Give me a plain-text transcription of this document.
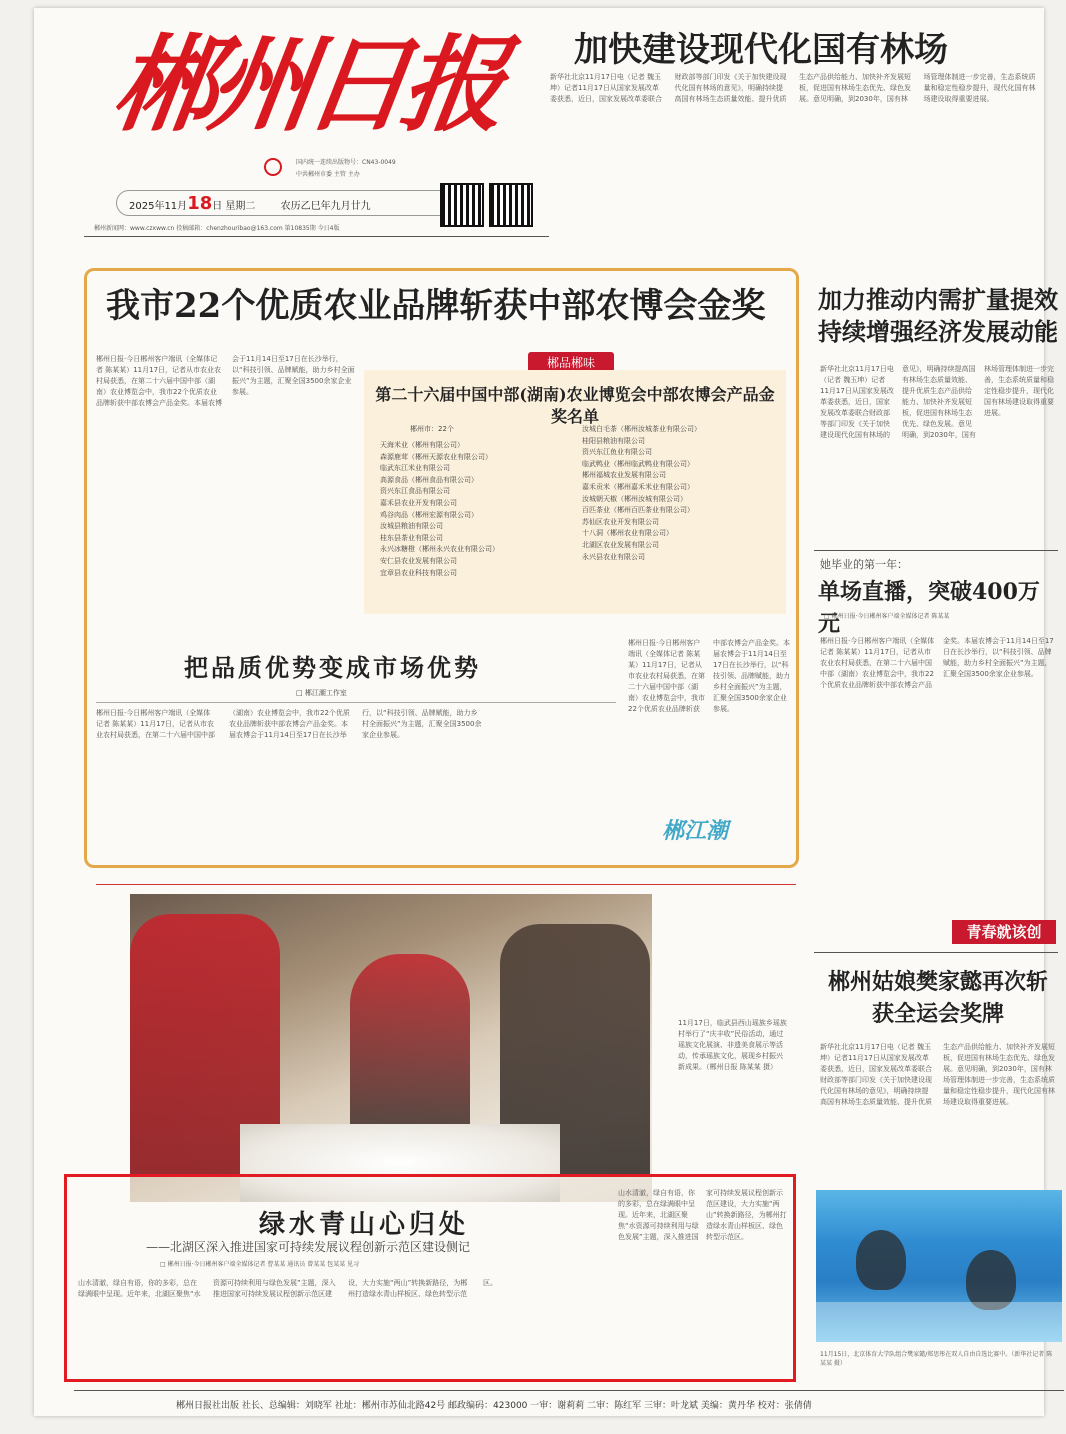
郴州日报
国内统一连续出版物号：CN43-0049
中共郴州市委 主管 主办
2025年11月18日 星期二	农历乙巳年九月廿九
郴州新闻网：www.czxww.cn 投稿邮箱：chenzhouribao@163.com 第10835期 今日4版
加快建设现代化国有林场
新华社北京11月17日电（记者 魏玉坤）记者11月17日从国家发展改革委获悉，近日，国家发展改革委联合财政部等部门印发《关于加快建设现代化国有林场的意见》，明确持续提高国有林场生态质量效能、提升优质生态产品供给能力、加快补齐发展短板，促进国有林场生态优先、绿色发展。意见明确，到2030年，国有林场管理体制进一步完善，生态系统质量和稳定性稳步提升，现代化国有林场建设取得重要进展。
我市22个优质农业品牌斩获中部农博会金奖
郴州日报·今日郴州客户端讯（全媒体记者 陈某某）11月17日，记者从市农业农村局获悉，在第二十六届中国中部（湖南）农业博览会中，我市22个优质农业品牌斩获中部农博会产品金奖。本届农博会于11月14日至17日在长沙举行，以“科技引领、品牌赋能，助力乡村全面振兴”为主题，汇聚全国3500余家企业参展。
郴品郴味
第二十六届中国中部(湖南)农业博览会中部农博会产品金奖名单
郴州市：22个
天海米业（郴州有限公司）
森源鹿茸（郴州天源农业有限公司）
临武东江米业有限公司
高源食品（郴州食品有限公司）
资兴东江食品有限公司
嘉禾县农业开发有限公司
鸡谷肉品（郴州宏源有限公司）
汝城县粮油有限公司
桂东县茶业有限公司
永兴冰糖橙（郴州永兴农业有限公司）
安仁县农业发展有限公司
宜章县农业科技有限公司
汝城白毛茶（郴州汝城茶业有限公司）
桂阳县粮油有限公司
资兴东江鱼业有限公司
临武鸭业（郴州临武鸭业有限公司）
郴州福城农业发展有限公司
嘉禾贡米（郴州嘉禾米业有限公司）
汝城朝天椒（郴州汝城有限公司）
百匹茶业（郴州百匹茶业有限公司）
苏仙区农业开发有限公司
十八洞（郴州农业有限公司）
北湖区农业发展有限公司
永兴县农业有限公司
把品质优势变成市场优势
□ 郴江潮工作室
郴州日报·今日郴州客户端讯（全媒体记者 陈某某）11月17日，记者从市农业农村局获悉，在第二十六届中国中部（湖南）农业博览会中，我市22个优质农业品牌斩获中部农博会产品金奖。本届农博会于11月14日至17日在长沙举行，以“科技引领、品牌赋能，助力乡村全面振兴”为主题，汇聚全国3500余家企业参展。
郴州日报·今日郴州客户端讯（全媒体记者 陈某某）11月17日，记者从市农业农村局获悉，在第二十六届中国中部（湖南）农业博览会中，我市22个优质农业品牌斩获中部农博会产品金奖。本届农博会于11月14日至17日在长沙举行，以“科技引领、品牌赋能，助力乡村全面振兴”为主题，汇聚全国3500余家企业参展。
郴江潮
加力推动内需扩量提效 持续增强经济发展动能
新华社北京11月17日电（记者 魏玉坤）记者11月17日从国家发展改革委获悉，近日，国家发展改革委联合财政部等部门印发《关于加快建设现代化国有林场的意见》，明确持续提高国有林场生态质量效能、提升优质生态产品供给能力、加快补齐发展短板，促进国有林场生态优先、绿色发展。意见明确，到2030年，国有林场管理体制进一步完善，生态系统质量和稳定性稳步提升，现代化国有林场建设取得重要进展。
她毕业的第一年：
单场直播，突破400万元
□ 郴州日报·今日郴州客户端全媒体记者 陈某某
郴州日报·今日郴州客户端讯（全媒体记者 陈某某）11月17日，记者从市农业农村局获悉，在第二十六届中国中部（湖南）农业博览会中，我市22个优质农业品牌斩获中部农博会产品金奖。本届农博会于11月14日至17日在长沙举行，以“科技引领、品牌赋能，助力乡村全面振兴”为主题，汇聚全国3500余家企业参展。
青春就该创
郴州姑娘樊家懿再次斩获全运会奖牌
新华社北京11月17日电（记者 魏玉坤）记者11月17日从国家发展改革委获悉，近日，国家发展改革委联合财政部等部门印发《关于加快建设现代化国有林场的意见》，明确持续提高国有林场生态质量效能、提升优质生态产品供给能力、加快补齐发展短板，促进国有林场生态优先、绿色发展。意见明确，到2030年，国有林场管理体制进一步完善，生态系统质量和稳定性稳步提升，现代化国有林场建设取得重要进展。
11月15日，北京体育大学队组合樊家懿/郑思彤在双人自由自选比赛中。（新华社记者 陈某某 摄）
11月17日，临武县西山瑶族乡瑶族村举行了“庆丰收”民俗活动，通过瑶族文化展演、非遗美食展示等活动，传承瑶族文化，展现乡村振兴新成果。（郴州日报 陈某某 摄）
绿水青山心归处
——北湖区深入推进国家可持续发展议程创新示范区建设侧记
□ 郴州日报·今日郴州客户端全媒体记者 曹某某 通讯员 曾某某 包某某 见习
山水清澈，绿自有语，你的多彩，总在绿满眼中呈现。近年来，北湖区聚焦“水资源可持续利用与绿色发展”主题，深入推进国家可持续发展议程创新示范区建设，大力实施“两山”转换新路径，为郴州打造绿水青山样板区、绿色转型示范区。
山水清澈，绿自有语，你的多彩，总在绿满眼中呈现。近年来，北湖区聚焦“水资源可持续利用与绿色发展”主题，深入推进国家可持续发展议程创新示范区建设，大力实施“两山”转换新路径，为郴州打造绿水青山样板区、绿色转型示范区。
郴州日报社出版 社长、总编辑：刘晓军 社址：郴州市苏仙北路42号 邮政编码：423000 一审：谢莉莉 二审：陈红军 三审：叶龙斌 美编：黄丹华 校对：张倩倩
